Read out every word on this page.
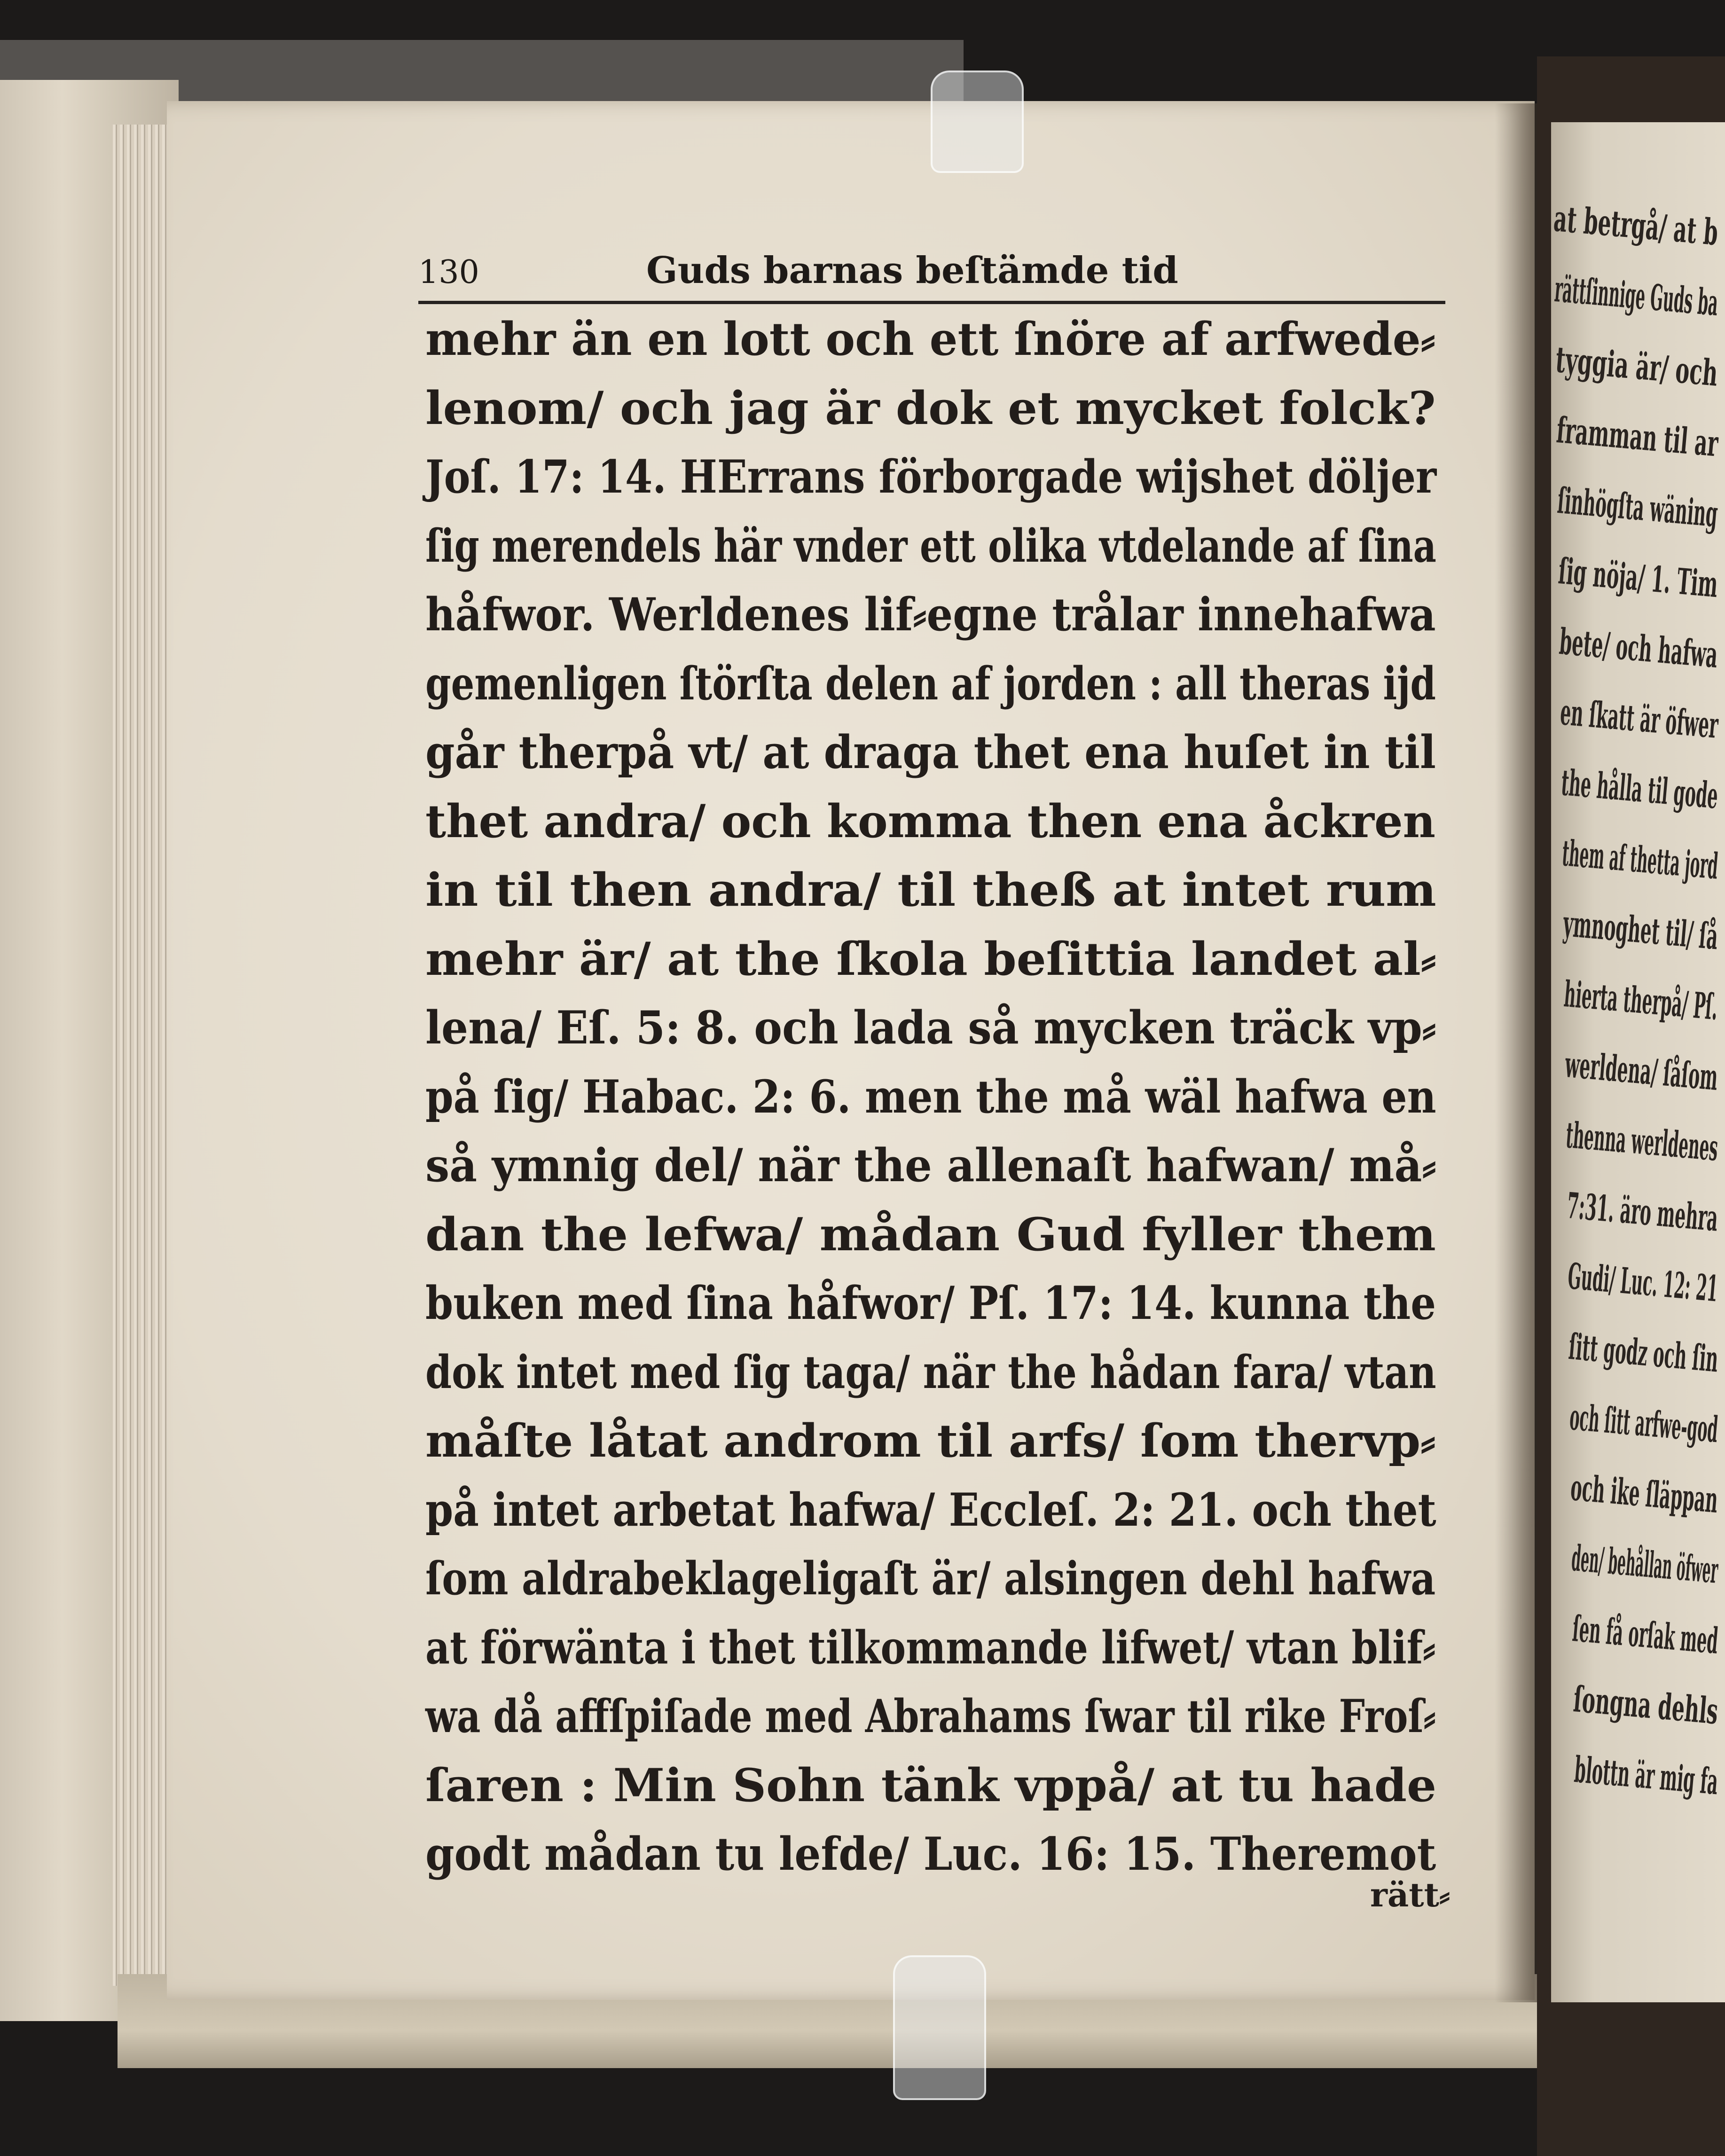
at betrgå/ at b
rättſinnige Guds ba
tyggia är/ och
framman til ar
ſinhögſta wäning
ſig nöja/ 1. Tim
bete/ och hafwa
en ſkatt är öfwer
the hålla til gode
them af thetta jord
ymnoghet til/ ſå
hierta therpå/ Pſ.
werldena/ ſåſom
thenna werldenes
7:31. äro mehra
Gudi/ Luc. 12: 21
ſitt godz och ſin
och ſitt arfwe-god
och ike ſläppan
den/ behållan öfwer
ſen få orſak med
ſongna dehls
blottn är mig fa
130	Guds barnas beſtämde tid
mehr än en lott och ett ſnöre af arfwede⸗
lenom/ och jag är dok et mycket folck?
Joſ. 17: 14. HErrans förborgade wijshet döljer
ſig merendels här vnder ett olika vtdelande af ſina
håfwor. Werldenes lif⸗egne trålar innehafwa
gemenligen ſtörſta delen af jorden : all theras ijd
går therpå vt/ at draga thet ena huſet in til
thet andra/ och komma then ena åckren
in til then andra/ til theß at intet rum
mehr är/ at the ſkola beſittia landet al⸗
lena/ Eſ. 5: 8. och lada så mycken träck vp⸗
på ſig/ Habac. 2: 6. men the må wäl hafwa en
så ymnig del/ när the allenaſt hafwan/ må⸗
dan the lefwa/ mådan Gud fyller them
buken med ſina håfwor/ Pſ. 17: 14. kunna the
dok intet med ſig taga/ när the hådan fara/ vtan
måſte låtat androm til arfs/ ſom thervp⸗
på intet arbetat hafwa/ Eccleſ. 2: 21. och thet
ſom aldrabeklageligaſt är/ alsingen dehl hafwa
at förwänta i thet tilkommande lifwet/ vtan blif⸗
wa då affſpiſade med Abrahams ſwar til rike Froſ⸗
ſaren : Min Sohn tänk vppå/ at tu hade
godt mådan tu lefde/ Luc. 16: 15. Theremot
rätt⸗
